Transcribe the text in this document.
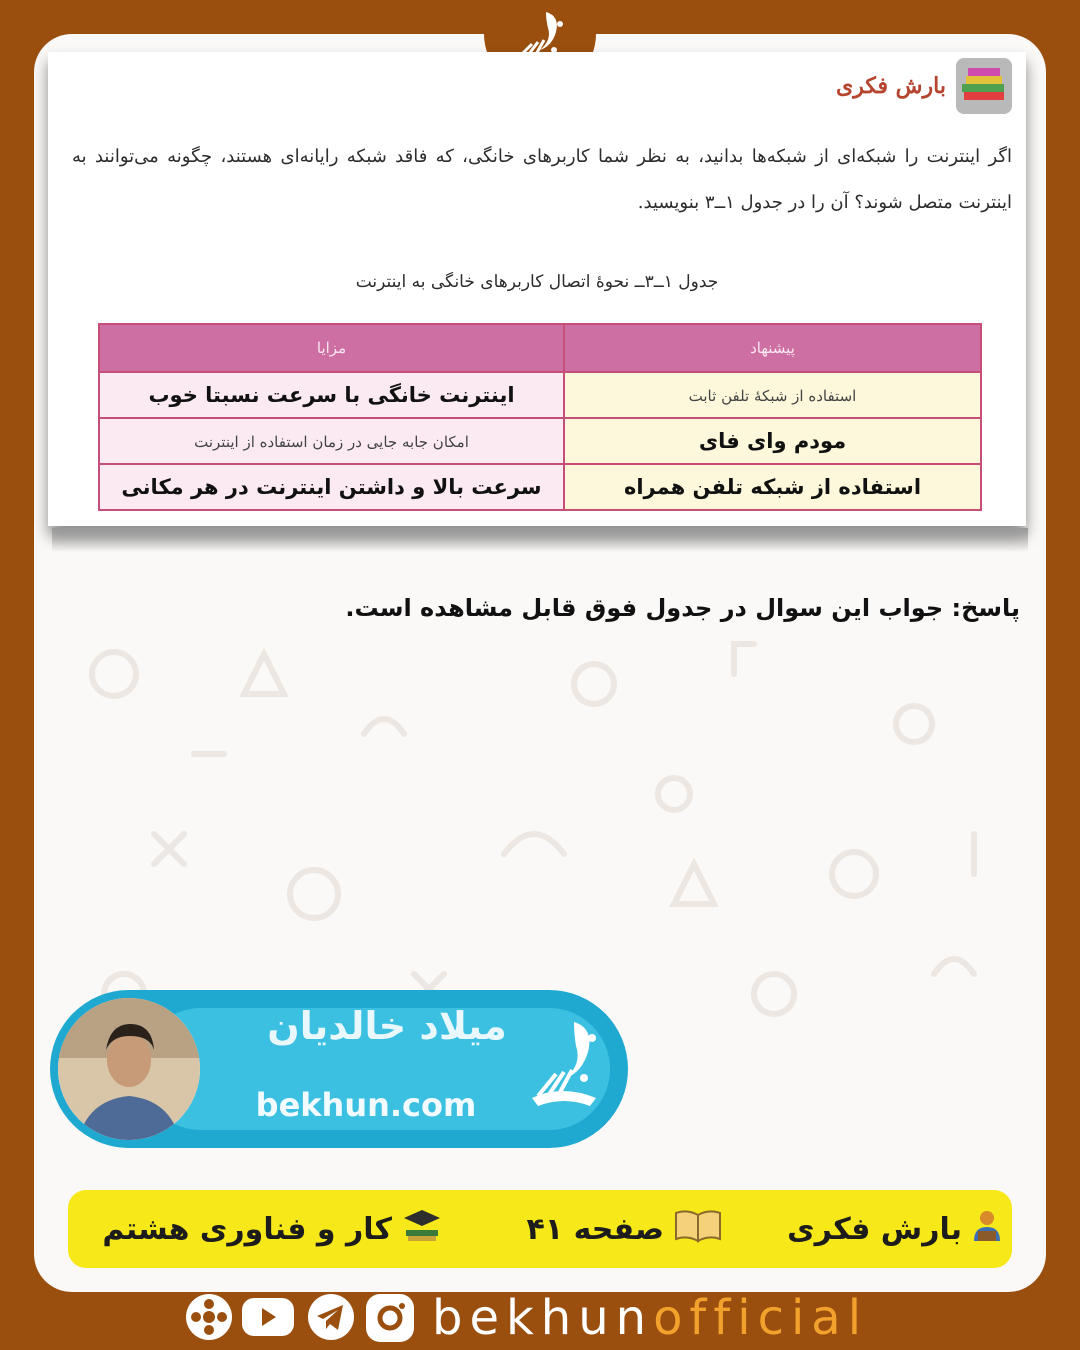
بارش فکری
اگر اینترنت را شبکه‌ای از شبکه‌ها بدانید، به نظر شما کاربرهای خانگی، که فاقد شبکه رایانه‌ای هستند، چگونه می‌توانند به اینترنت متصل شوند؟ آن را در جدول ۱ــ۳ بنویسید.
جدول ۱ــ۳ــ نحوهٔ اتصال کاربرهای خانگی به اینترنت
پیشنهاد	مزایا
استفاده از شبکهٔ تلفن ثابت	اینترنت خانگی با سرعت نسبتا خوب
مودم وای فای	امکان جابه جایی در زمان استفاده از اینترنت
استفاده از شبکه تلفن همراه	سرعت بالا و داشتن اینترنت در هر مکانی
پاسخ: جواب این سوال در جدول فوق قابل مشاهده است.
میلاد خالدیان
bekhun.com
بارش فکری
صفحه ۴۱
کار و فناوری هشتم
bekhunofficial
